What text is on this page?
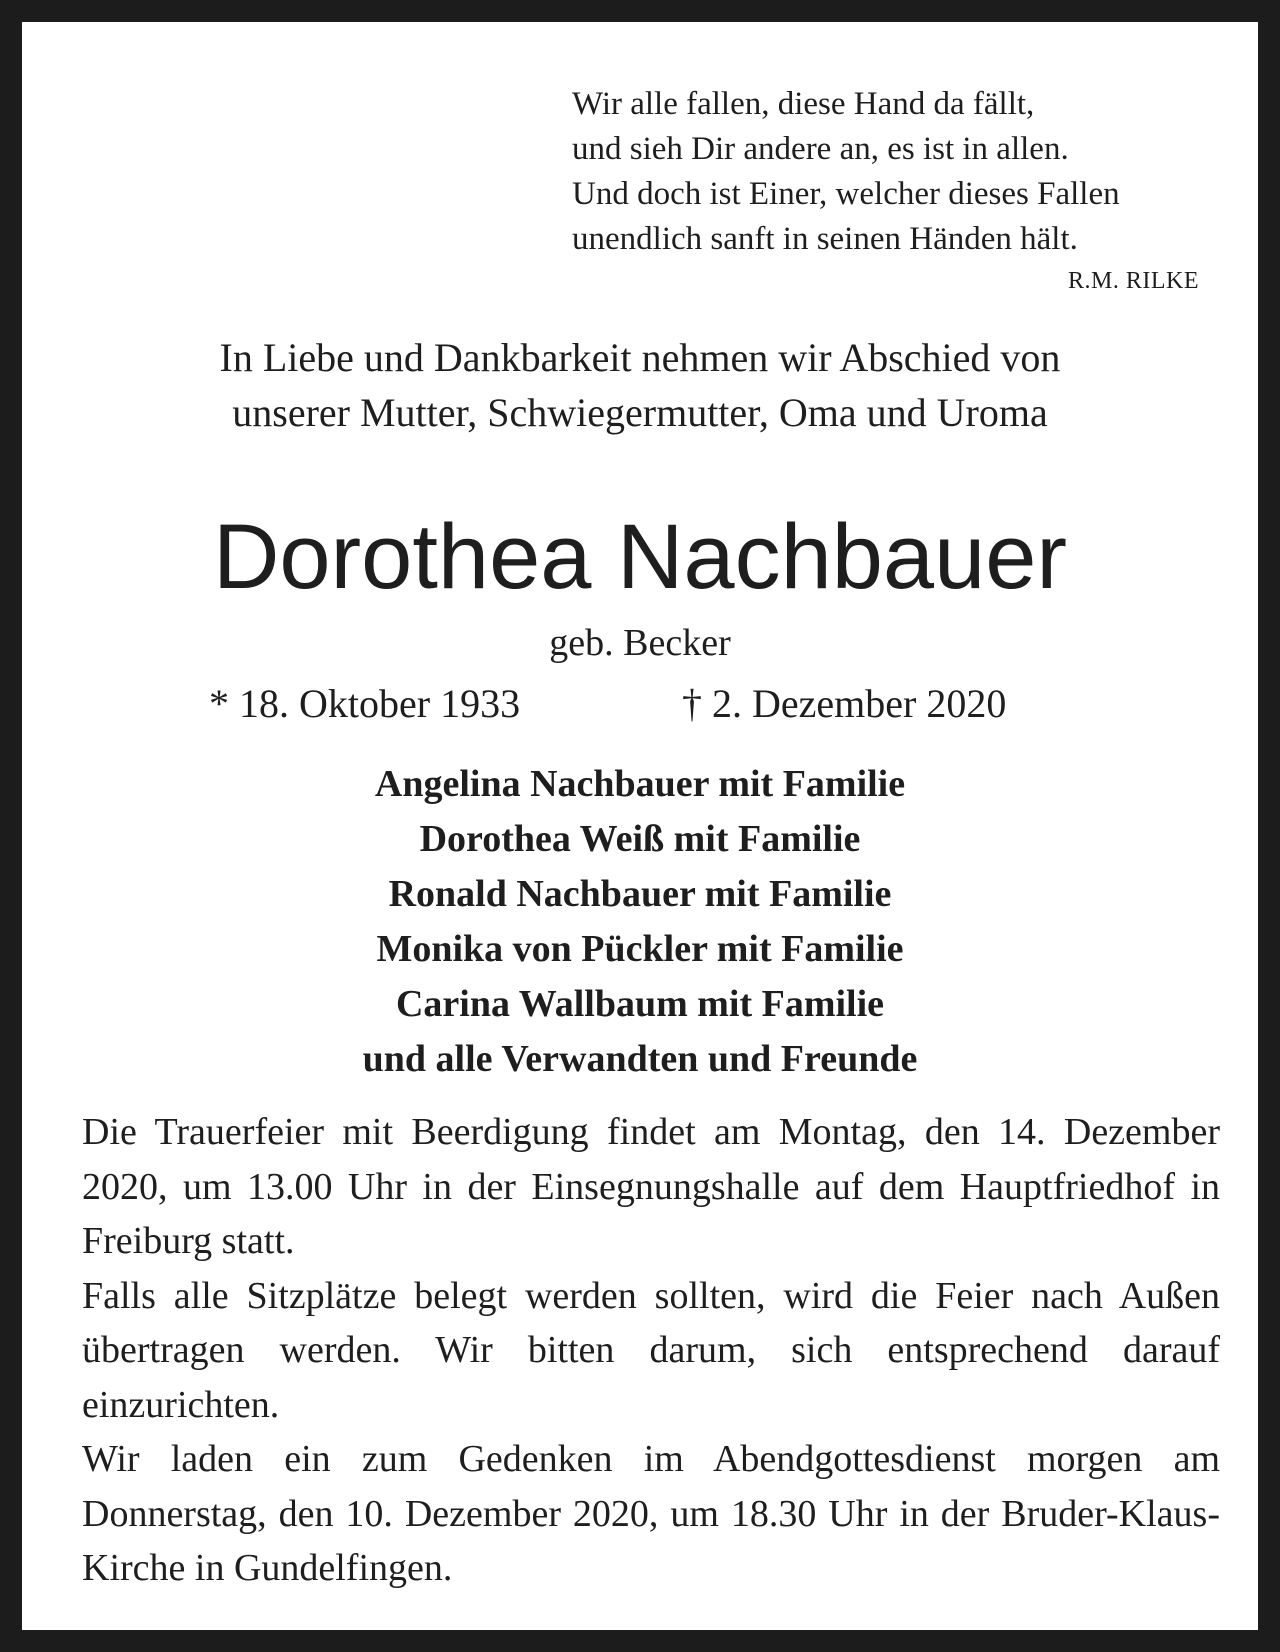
Wir alle fallen, diese Hand da fällt,
und sieh Dir andere an, es ist in allen.
Und doch ist Einer, welcher dieses Fallen
unendlich sanft in seinen Händen hält.
R.M. RILKE
In Liebe und Dankbarkeit nehmen wir Abschied von
unserer Mutter, Schwiegermutter, Oma und Uroma
Dorothea Nachbauer
geb. Becker
* 18. Oktober 1933	† 2. Dezember 2020
Angelina Nachbauer mit Familie
Dorothea Weiß mit Familie
Ronald Nachbauer mit Familie
Monika von Pückler mit Familie
Carina Wallbaum mit Familie
und alle Verwandten und Freunde

Die Trauerfeier mit Beerdigung findet am Montag, den 14. Dezember 2020, um 13.00 Uhr in der Einsegnungshalle auf dem Hauptfriedhof in Freiburg statt.

Falls alle Sitzplätze belegt werden sollten, wird die Feier nach Außen übertragen werden. Wir bitten darum, sich entsprechend darauf einzurichten.

Wir laden ein zum Gedenken im Abendgottesdienst morgen am Donnerstag, den 10. Dezember 2020, um 18.30 Uhr in der Bruder-Klaus-Kirche in Gundelfingen.
